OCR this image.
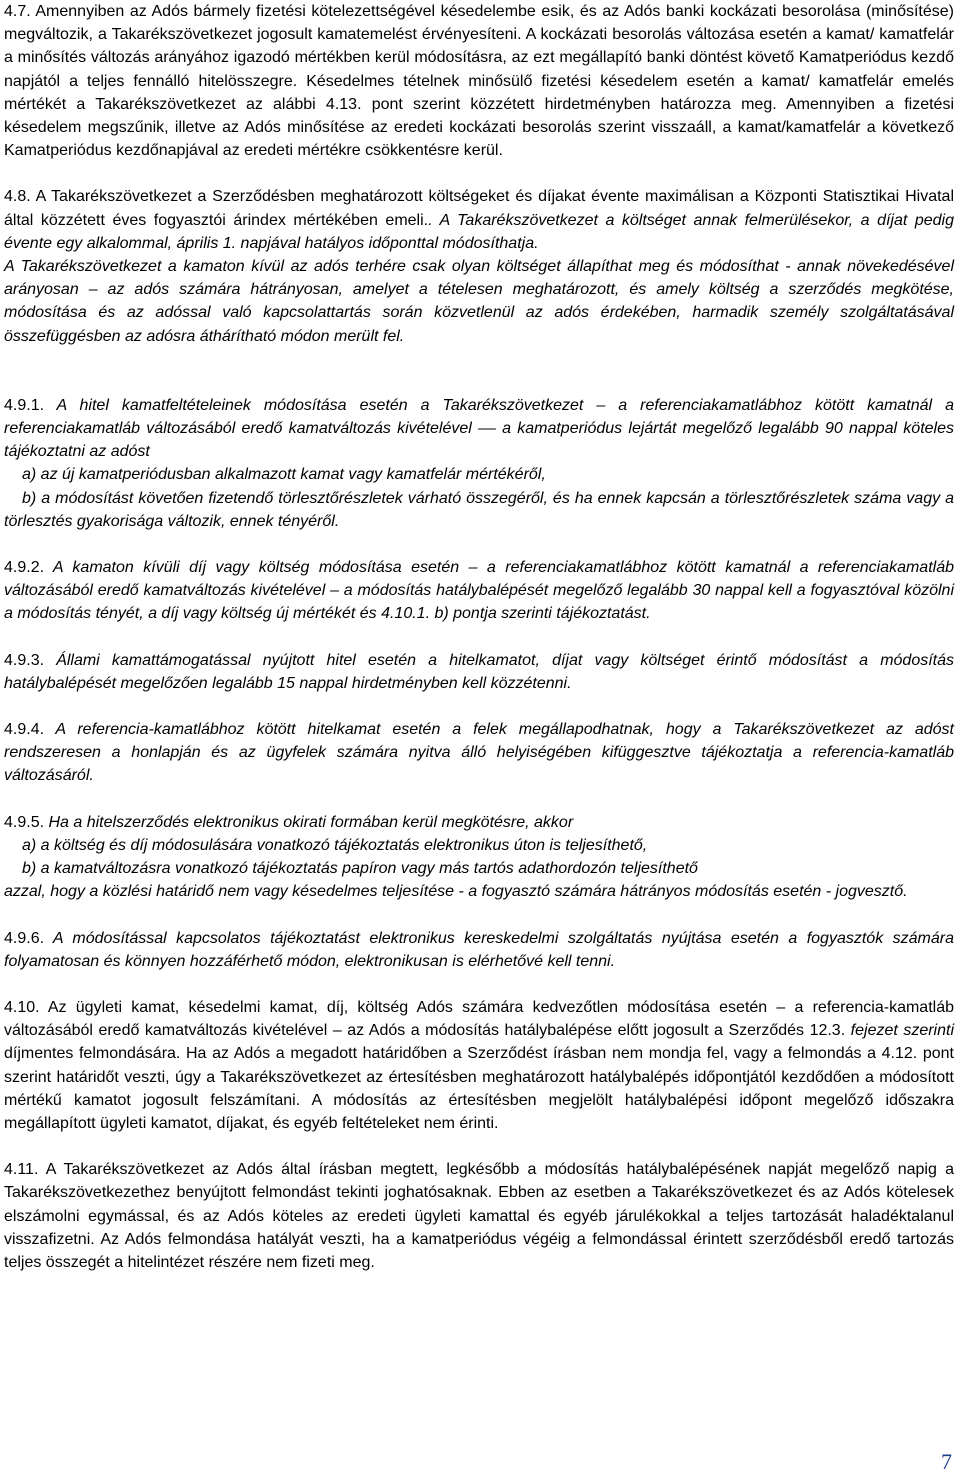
4.7. Amennyiben az Adós bármely fizetési kötelezettségével késedelembe esik, és az Adós banki kockázati besorolása (minősítése) megváltozik, a Takarékszövetkezet jogosult kamatemelést érvényesíteni. A kockázati besorolás változása esetén a kamat/ kamatfelár a minősítés változás arányához igazodó mértékben kerül módosításra, az ezt megállapító banki döntést követő Kamatperiódus kezdő napjától a teljes fennálló hitelösszegre. Késedelmes tételnek minősülő fizetési késedelem esetén a kamat/ kamatfelár emelés mértékét a Takarékszövetkezet az alábbi 4.13. pont szerint közzétett hirdetményben határozza meg. Amennyiben a fizetési késedelem megszűnik, illetve az Adós minősítése az eredeti kockázati besorolás szerint visszaáll, a kamat/kamatfelár a következő Kamatperiódus kezdőnapjával az eredeti mértékre csökkentésre kerül.

4.8. A Takarékszövetkezet a Szerződésben meghatározott költségeket és díjakat évente maximálisan a Központi Statisztikai Hivatal által közzétett éves fogyasztói árindex mértékében emeli.. A Takarékszövetkezet a költséget annak felmerülésekor, a díjat pedig évente egy alkalommal, április 1. napjával hatályos időponttal módosíthatja.

A Takarékszövetkezet a kamaton kívül az adós terhére csak olyan költséget állapíthat meg és módosíthat - annak növekedésével arányosan – az adós számára hátrányosan, amelyet a tételesen meghatározott, és amely költség a szerződés megkötése, módosítása és az adóssal való kapcsolattartás során közvetlenül az adós érdekében, harmadik személy szolgáltatásával összefüggésben az adósra áthárítható módon merült fel.

4.9.1. A hitel kamatfeltételeinek módosítása esetén a Takarékszövetkezet – a referenciakamatlábhoz kötött kamatnál a referenciakamatláb változásából eredő kamatváltozás kivételével –– a kamatperiódus lejártát megelőző legalább 90 nappal köteles tájékoztatni az adóst

a) az új kamatperiódusban alkalmazott kamat vagy kamatfelár mértékéről,

b) a módosítást követően fizetendő törlesztőrészletek várható összegéről, és ha ennek kapcsán a törlesztőrészletek száma vagy a törlesztés gyakorisága változik, ennek tényéről.

4.9.2. A kamaton kívüli díj vagy költség módosítása esetén – a referenciakamatlábhoz kötött kamatnál a referenciakamatláb változásából eredő kamatváltozás kivételével – a módosítás hatálybalépését megelőző legalább 30 nappal kell a fogyasztóval közölni a módosítás tényét, a díj vagy költség új mértékét és 4.10.1. b) pontja szerinti tájékoztatást.

4.9.3. Állami kamattámogatással nyújtott hitel esetén a hitelkamatot, díjat vagy költséget érintő módosítást a módosítás hatálybalépését megelőzően legalább 15 nappal hirdetményben kell közzétenni.

4.9.4. A referencia-kamatlábhoz kötött hitelkamat esetén a felek megállapodhatnak, hogy a Takarékszövetkezet az adóst rendszeresen a honlapján és az ügyfelek számára nyitva álló helyiségében kifüggesztve tájékoztatja a referencia-kamatláb változásáról.

4.9.5. Ha a hitelszerződés elektronikus okirati formában kerül megkötésre, akkor

a) a költség és díj módosulására vonatkozó tájékoztatás elektronikus úton is teljesíthető,

b) a kamatváltozásra vonatkozó tájékoztatás papíron vagy más tartós adathordozón teljesíthető

azzal, hogy a közlési határidő nem vagy késedelmes teljesítése - a fogyasztó számára hátrányos módosítás esetén - jogvesztő.

4.9.6. A módosítással kapcsolatos tájékoztatást elektronikus kereskedelmi szolgáltatás nyújtása esetén a fogyasztók számára folyamatosan és könnyen hozzáférhető módon, elektronikusan is elérhetővé kell tenni.

4.10. Az ügyleti kamat, késedelmi kamat, díj, költség Adós számára kedvezőtlen módosítása esetén – a referencia-kamatláb változásából eredő kamatváltozás kivételével – az Adós a módosítás hatálybalépése előtt jogosult a Szerződés 12.3. fejezet szerinti díjmentes felmondására. Ha az Adós a megadott határidőben a Szerződést írásban nem mondja fel, vagy a felmondás a 4.12. pont szerint határidőt veszti, úgy a Takarékszövetkezet az értesítésben meghatározott hatálybalépés időpontjától kezdődően a módosított mértékű kamatot jogosult felszámítani. A módosítás az értesítésben megjelölt hatálybalépési időpont megelőző időszakra megállapított ügyleti kamatot, díjakat, és egyéb feltételeket nem érinti.

4.11. A Takarékszövetkezet az Adós által írásban megtett, legkésőbb a módosítás hatálybalépésének napját megelőző napig a Takarékszövetkezethez benyújtott felmondást tekinti joghatósaknak. Ebben az esetben a Takarékszövetkezet és az Adós kötelesek elszámolni egymással, és az Adós köteles az eredeti ügyleti kamattal és egyéb járulékokkal a teljes tartozását haladéktalanul visszafizetni. Az Adós felmondása hatályát veszti, ha a kamatperiódus végéig a felmondással érintett szerződésből eredő tartozás teljes összegét a hitelintézet részére nem fizeti meg.

7
